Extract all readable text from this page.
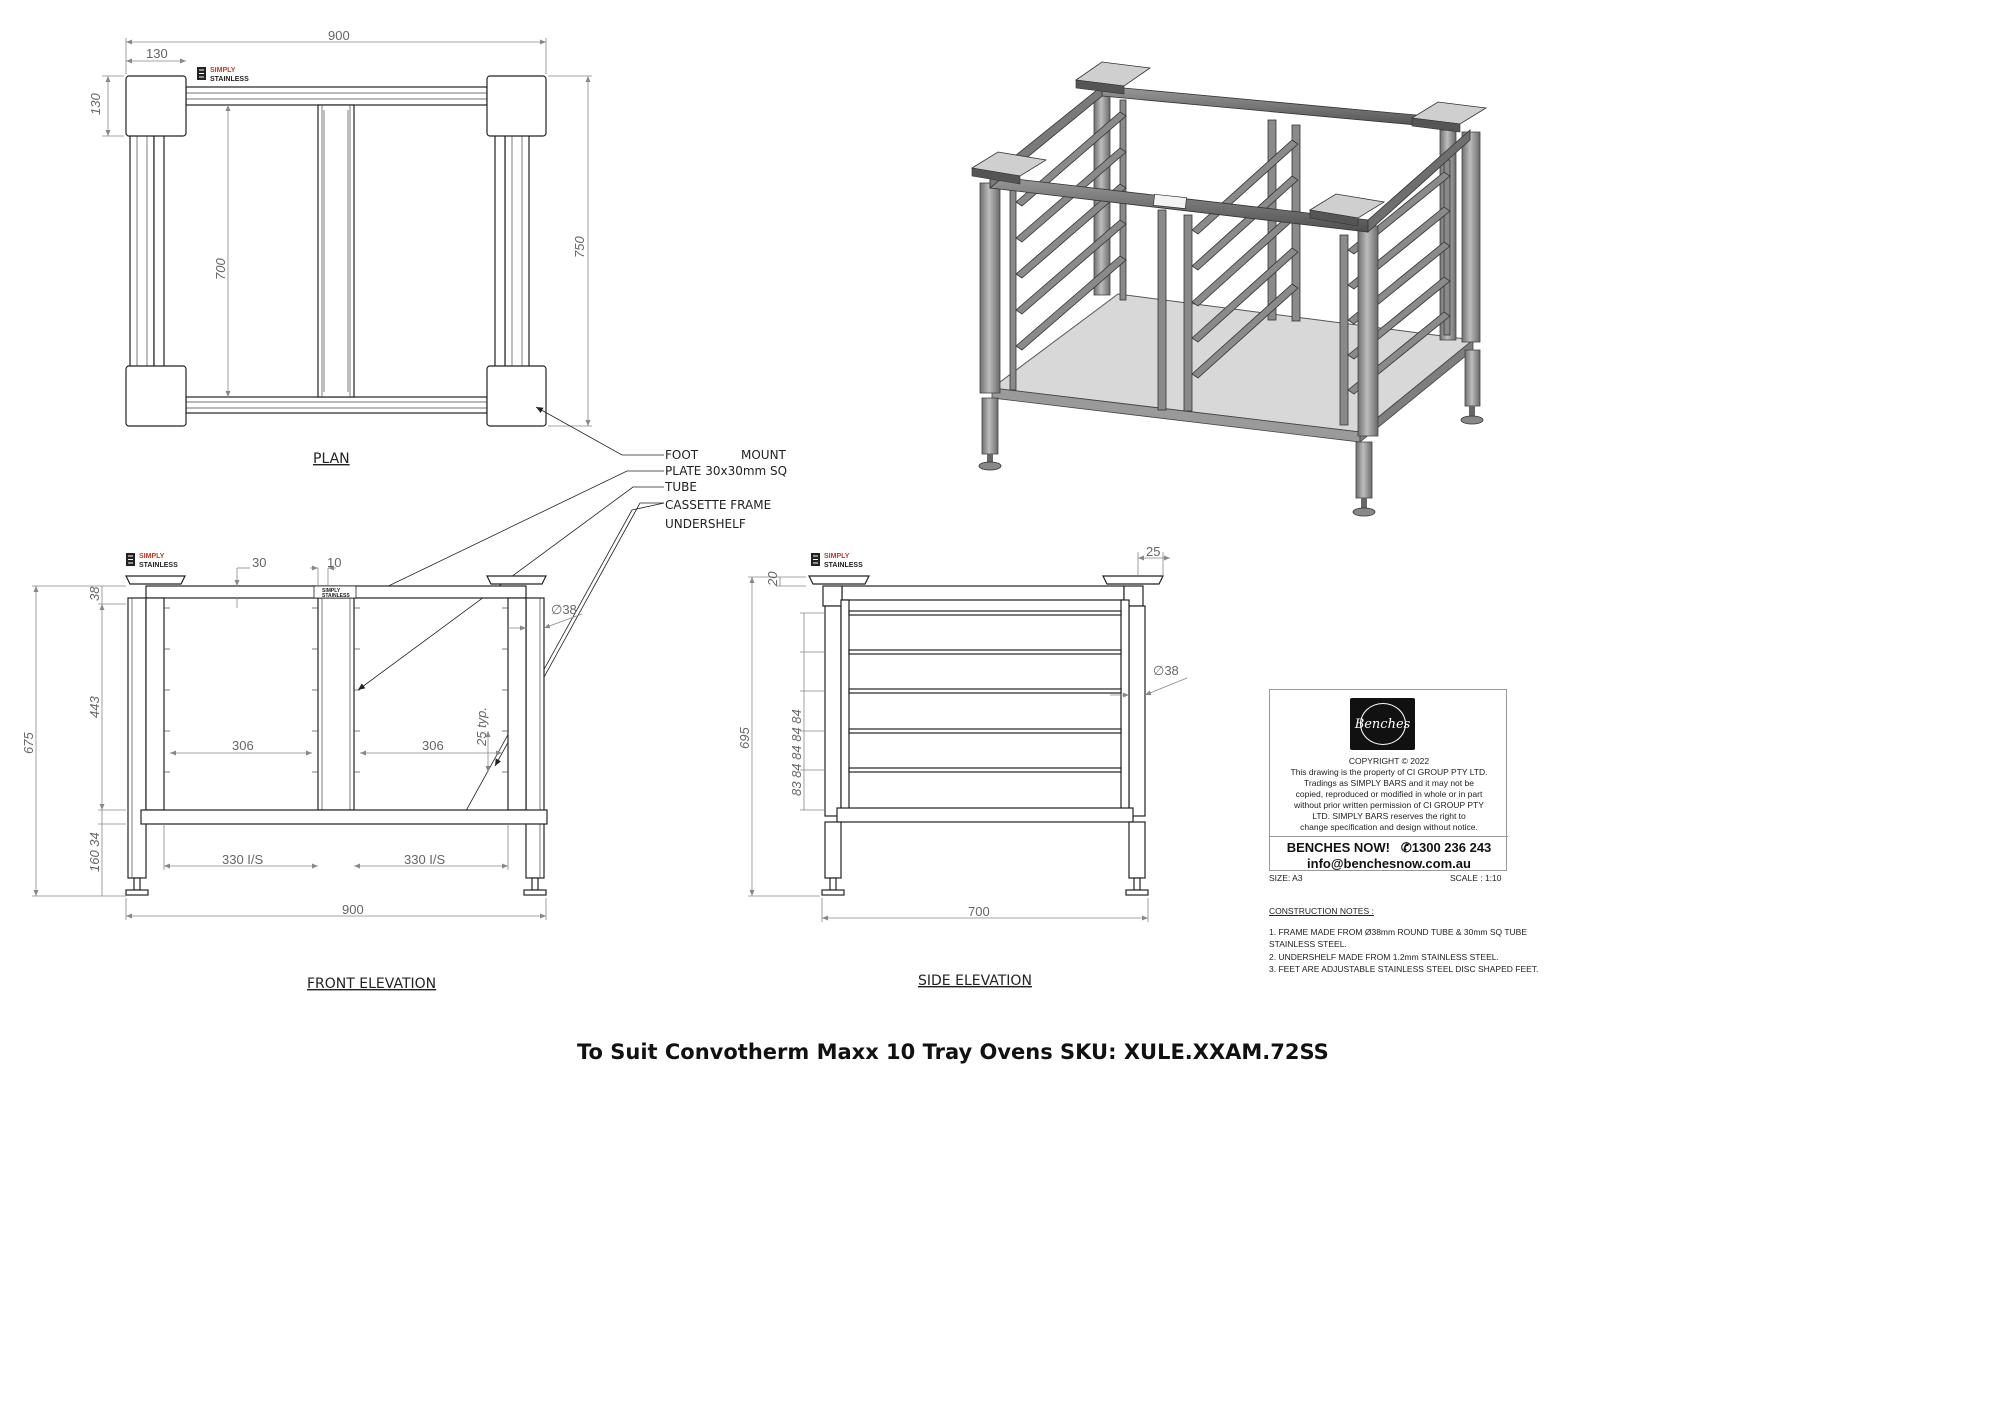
SIMPLY
STAINLESS
900
130
130
700
750
PLAN	FOOT	MOUNT
PLATE 30x30mm SQ
TUBE
CASSETTE FRAME
UNDERSHELF
SIMPLY
STAINLESS
SIMPLY
STAINLESS
675
38
443
160 34
30	10
∅38
306	306 25 typ.
330 I/S	330 I/S
900
FRONT ELEVATION
SIMPLY
STAINLESS
695
20
83 84 84 84 84
25
∅38
700
SIDE ELEVATION
Benches
COPYRIGHT © 2022
This drawing is the property of CI GROUP PTY LTD.
Tradings as SIMPLY BARS and it may not be
copied, reproduced or modified in whole or in part
without prior written permission of CI GROUP PTY
LTD. SIMPLY BARS reserves the right to
change specification and design without notice.
BENCHES NOW!   ✆1300 236 243
info@benchesnow.com.au
SIZE: A3	SCALE : 1:10
CONSTRUCTION NOTES :
1. FRAME MADE FROM Ø38mm ROUND TUBE & 30mm SQ TUBE STAINLESS STEEL.
2. UNDERSHELF MADE FROM 1.2mm STAINLESS STEEL.
3. FEET ARE ADJUSTABLE STAINLESS STEEL DISC SHAPED FEET.
To Suit Convotherm Maxx 10 Tray Ovens SKU: XULE.XXAM.72SS
